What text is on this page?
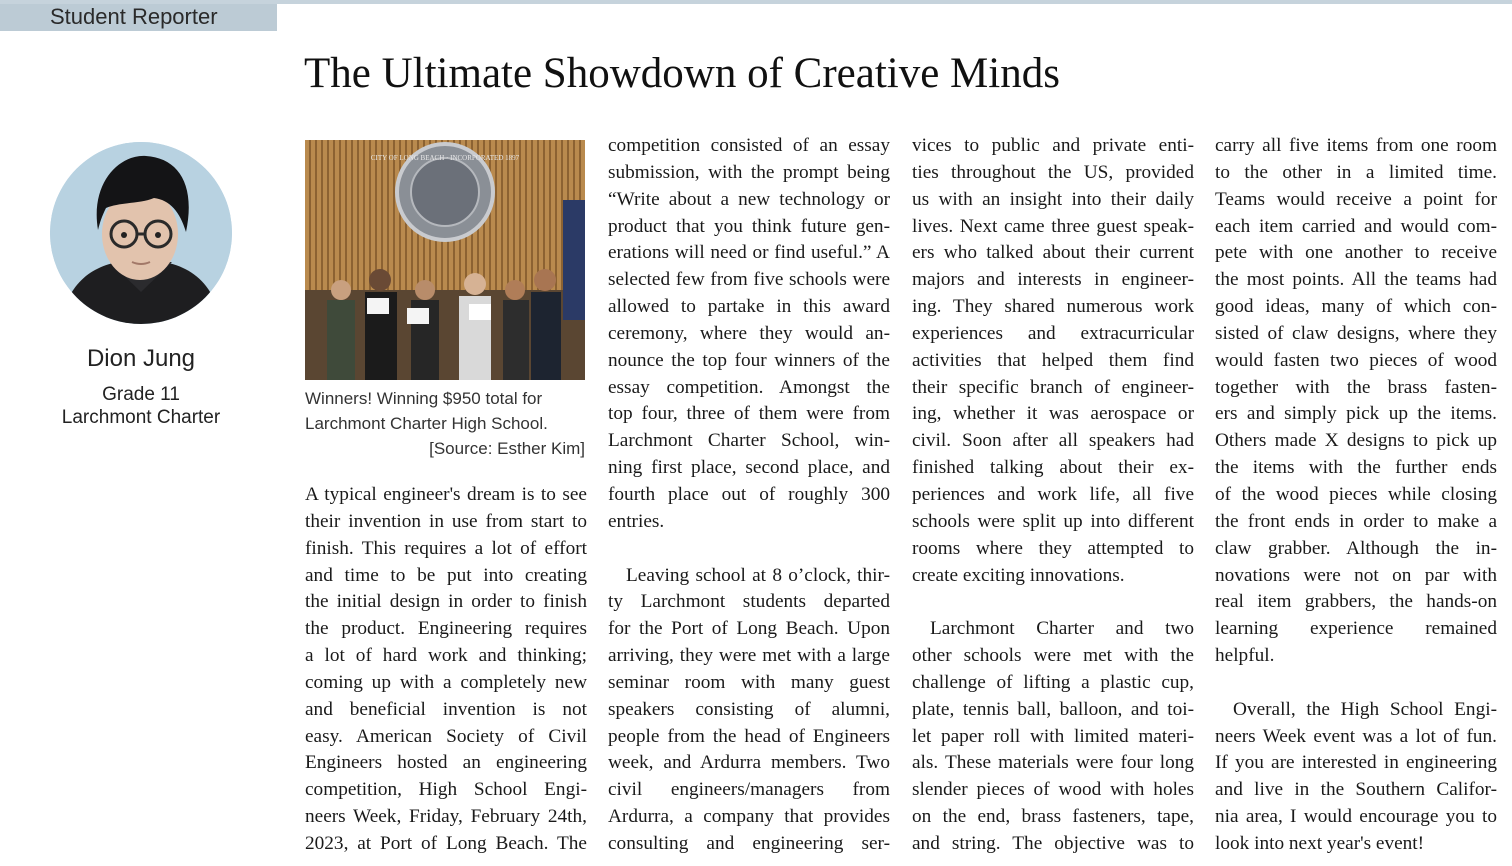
Student Reporter
The Ultimate Showdown of Creative Minds
Dion Jung
Grade 11
Larchmont Charter
CITY OF LONG BEACH · INCORPORATED 1897
Winners! Winning $950 total for
Larchmont Charter High School.
[Source: Esther Kim]
A typical engineer's dream is to see
their invention in use from start to
finish. This requires a lot of effort
and time to be put into creating
the initial design in order to finish
the product. Engineering requires
a lot of hard work and thinking;
coming up with a completely new
and beneficial invention is not
easy. American Society of Civil
Engineers hosted an engineering
competition, High School Engi-
neers Week, Friday, February 24th,
2023, at Port of Long Beach. The
competition consisted of an essay
submission, with the prompt being
“Write about a new technology or
product that you think future gen-
erations will need or find useful.” A
selected few from five schools were
allowed to partake in this award
ceremony, where they would an-
nounce the top four winners of the
essay competition. Amongst the
top four, three of them were from
Larchmont Charter School, win-
ning first place, second place, and
fourth place out of roughly 300
entries.
Leaving school at 8 o’clock, thir-
ty Larchmont students departed
for the Port of Long Beach. Upon
arriving, they were met with a large
seminar room with many guest
speakers consisting of alumni,
people from the head of Engineers
week, and Ardurra members. Two
civil engineers/managers from
Ardurra, a company that provides
consulting and engineering ser-
vices to public and private enti-
ties throughout the US, provided
us with an insight into their daily
lives. Next came three guest speak-
ers who talked about their current
majors and interests in engineer-
ing. They shared numerous work
experiences and extracurricular
activities that helped them find
their specific branch of engineer-
ing, whether it was aerospace or
civil. Soon after all speakers had
finished talking about their ex-
periences and work life, all five
schools were split up into different
rooms where they attempted to
create exciting innovations.
Larchmont Charter and two
other schools were met with the
challenge of lifting a plastic cup,
plate, tennis ball, balloon, and toi-
let paper roll with limited materi-
als. These materials were four long
slender pieces of wood with holes
on the end, brass fasteners, tape,
and string. The objective was to
carry all five items from one room
to the other in a limited time.
Teams would receive a point for
each item carried and would com-
pete with one another to receive
the most points. All the teams had
good ideas, many of which con-
sisted of claw designs, where they
would fasten two pieces of wood
together with the brass fasten-
ers and simply pick up the items.
Others made X designs to pick up
the items with the further ends
of the wood pieces while closing
the front ends in order to make a
claw grabber. Although the in-
novations were not on par with
real item grabbers, the hands-on
learning experience remained
helpful.
Overall, the High School Engi-
neers Week event was a lot of fun.
If you are interested in engineering
and live in the Southern Califor-
nia area, I would encourage you to
look into next year's event!
